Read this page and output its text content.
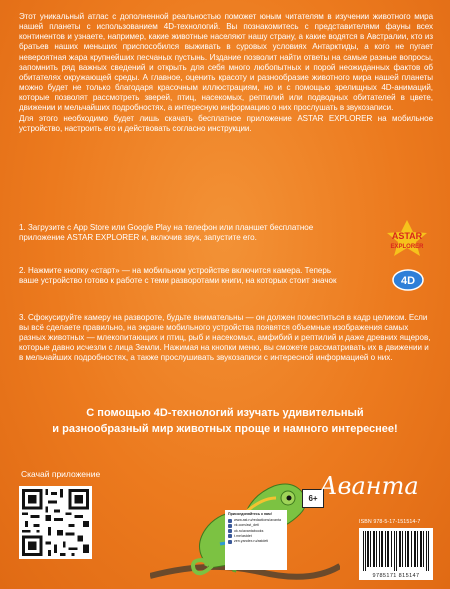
Этот уникальный атлас с дополненной реальностью поможет юным читателям в изучении животного мира нашей планеты с использованием 4D-технологий. Вы познакомитесь с представителями фауны всех континентов и узнаете, например, какие животные населяют нашу страну, а какие водятся в Австралии, кто из братьев наших меньших приспособился выживать в суровых условиях Антарктиды, а кого не пугает невероятная жара крупнейших песчаных пустынь. Издание позволит найти ответы на самые разные вопросы, запомнить ряд важных сведений и открыть для себя много любопытных и порой неожиданных фактов об обитателях окружающей среды. А главное, оценить красоту и разнообразие животного мира нашей планеты можно будет не только благодаря красочным иллюстрациям, но и с помощью зрелищных 4D-анимаций, которые позволят рассмотреть зверей, птиц, насекомых, рептилий или подводных обитателей в цвете, движении и мельчайших подробностях, а интересную информацию о них прослушать в звукозаписи.

Для этого необходимо будет лишь скачать бесплатное приложение ASTAR EXPLORER на мобильное устройство, настроить его и действовать согласно инструкции.

1. Загрузите с App Store или Google Play на телефон или планшет бесплатное приложение ASTAR EXPLORER и, включив звук, запустите его.

2. Нажмите кнопку «старт» — на мобильном устройстве включится камера. Теперь ваше устройство готово к работе с теми разворотами книги, на которых стоит значок

3. Сфокусируйте камеру на развороте, будьте внимательны — он должен поместиться в кадр целиком. Если вы всё сделаете правильно, на экране мобильного устройства появятся объемные изображения самых разных животных — млекопитающих и птиц, рыб и насекомых, амфибий и рептилий и даже древних ящеров, которые давно исчезли с лица Земли. Нажимая на кнопки меню, вы сможете рассматривать их в движении и в мельчайших подробностях, а также прослушивать звукозаписи с интересной информацией о них.

ASTAR
EXPLORER
4D

С помощью 4D-технологий изучать удивительный

и разнообразный мир животных проще и намного интереснее!

Скачай приложение
6+ Аванта
Присоединяйтесь к нам!
www.ast.ru/redactions/avanta
vk.com/ast_deti
ok.ru/avantabooks
t.me/astdet
zen.yandex.ru/astdeti
ISBN 978-5-17-151514-7
9785171 815147
